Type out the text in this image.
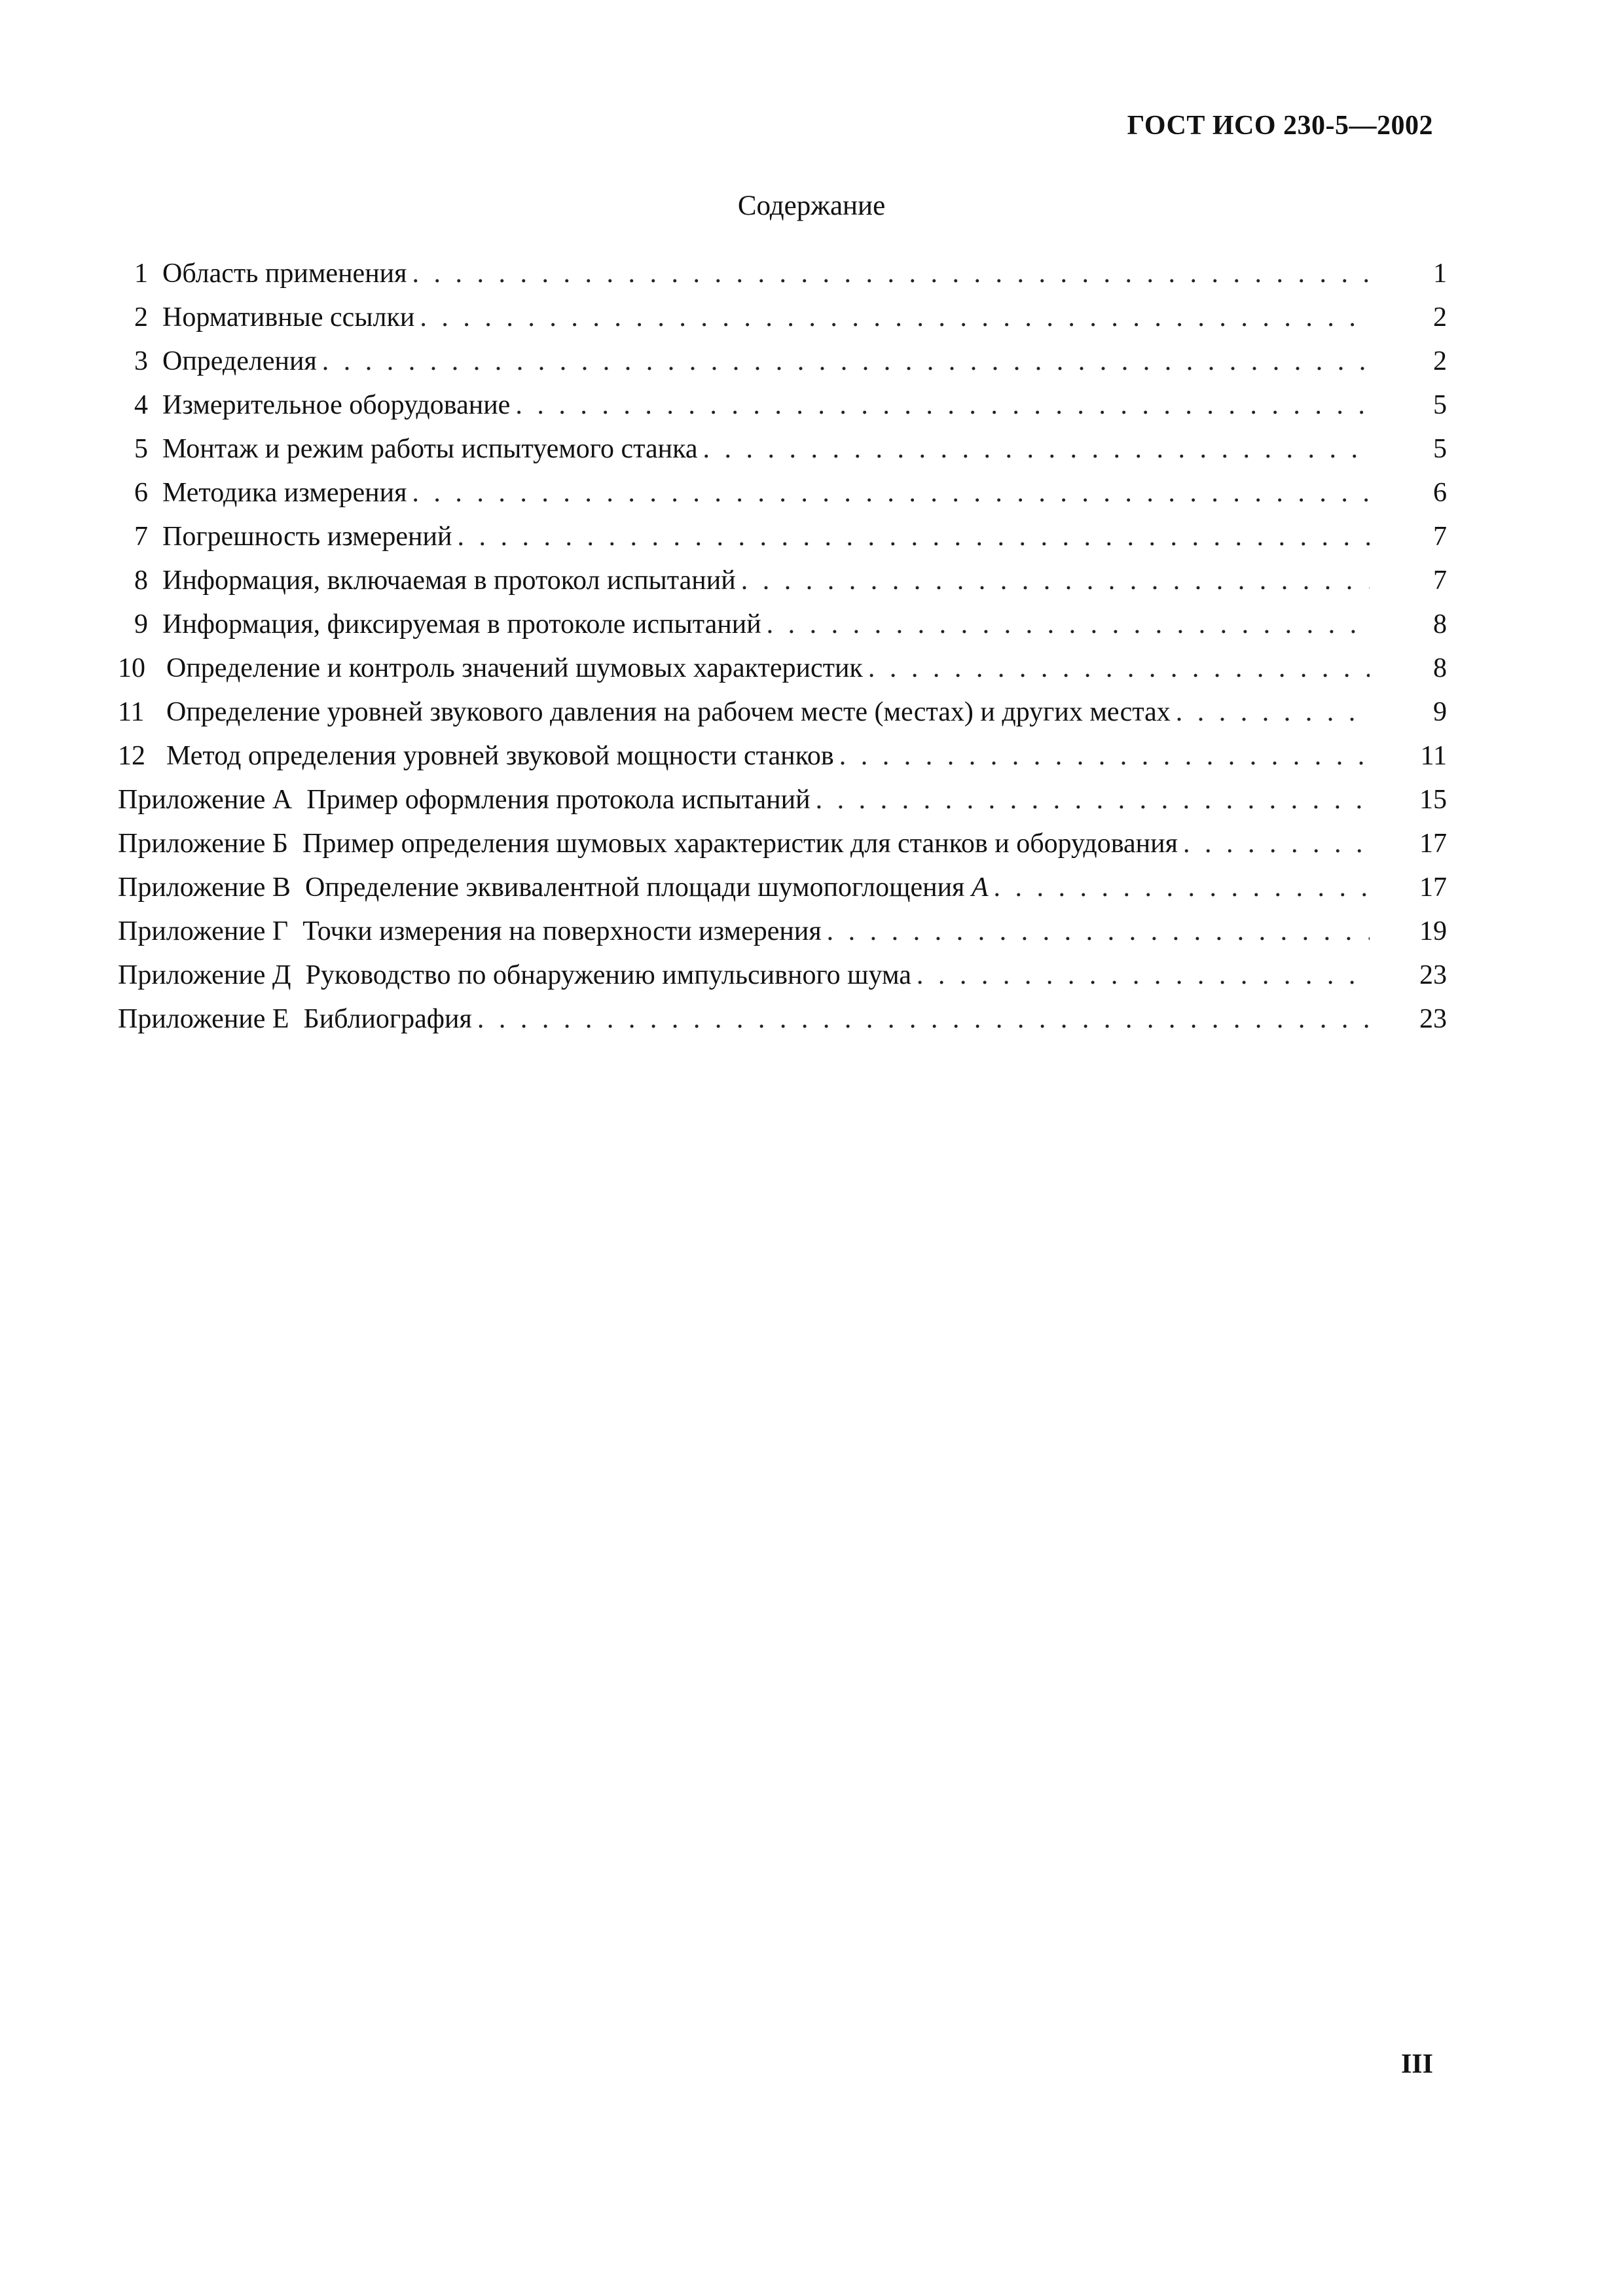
ГОСТ ИСО 230-5—2002
Содержание
1 Область применения . . .	1
2 Нормативные ссылки . . .	2
3 Определения . . .	2
4 Измерительное оборудование . . .	5
5 Монтаж и режим работы испытуемого станка . . .	5
6 Методика измерения . . .	6
7 Погрешность измерений . . .	7
8 Информация, включаемая в протокол испытаний . . .	7
9 Информация, фиксируемая в протоколе испытаний . . .	8
10 Определение и контроль значений шумовых характеристик . . .	8
11 Определение уровней звукового давления на рабочем месте (местах) и других местах . . .	9
12 Метод определения уровней звуковой мощности станков . . .	11
Приложение А Пример оформления протокола испытаний . . .	15
Приложение Б Пример определения шумовых характеристик для станков и оборудования . . .	17
Приложение В Определение эквивалентной площади шумопоглощения A . . .	17
Приложение Г Точки измерения на поверхности измерения . . .	19
Приложение Д Руководство по обнаружению импульсивного шума . . .	23
Приложение Е Библиография . . .	23
III
